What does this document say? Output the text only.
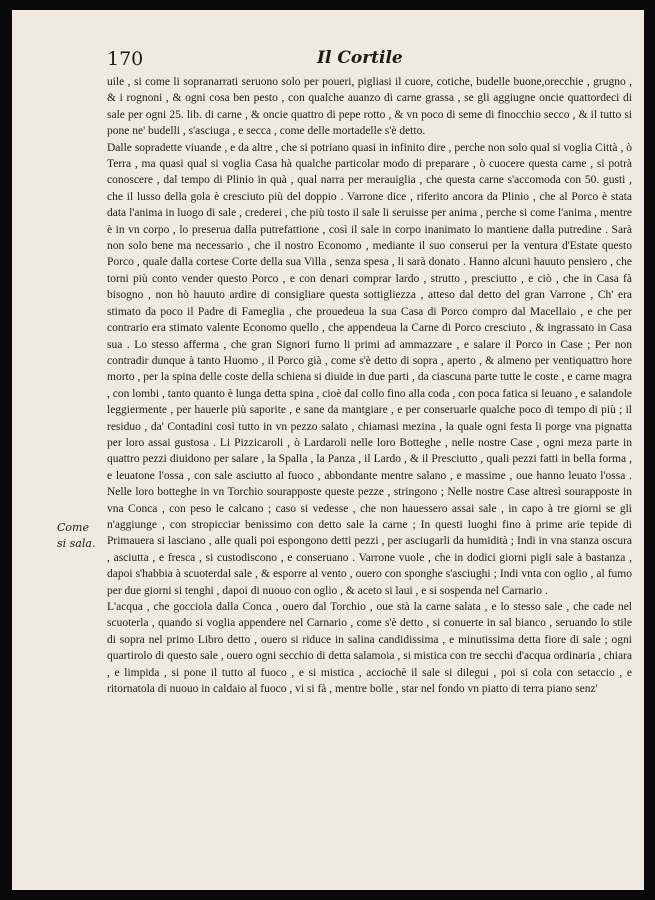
170	Il Cortile
Come si sala.

uile , si come li sopranarrati seruono solo per poueri, pigliasi il cuore, cotiche, budelle buone,orecchie , grugno , & i rognoni , & ogni cosa ben pesto , con qualche auanzo di carne grassa , se gli aggiugne oncie quattordeci di sale per ogni 25. lib. di carne , & oncie quattro di pepe rotto , & vn poco di seme di finocchio secco , & il tutto si pone ne' budelli , s'asciuga , e secca , come delle mortadelle s'è detto.

Dalle sopradette viuande , e da altre , che si potriano quasi in infinito dire , perche non solo qual si voglia Città , ò Terra , ma quasi qual si voglia Casa hà qualche particolar modo di preparare , ò cuocere questa carne , si potrà conoscere , dal tempo di Plinio in quà , qual narra per merauiglia , che questa carne s'accomoda con 50. gusti , che il lusso della gola è cresciuto più del doppio . Varrone dice , riferito ancora da Plinio , che al Porco è stata data l'anima in luogo di sale , crederei , che più tosto il sale li seruisse per anima , perche si come l'anima , mentre è in vn corpo , lo preserua dalla putrefattione , così il sale in corpo inanimato lo mantiene dalla putredine . Sarà non solo bene ma necessario , che il nostro Economo , mediante il suo conserui per la ventura d'Estate questo Porco , quale dalla cortese Corte della sua Villa , senza spesa , li sarà donato . Hanno alcuni hauuto pensiero , che torni più conto vender questo Porco , e con denari comprar lardo , strutto , presciutto , e ciò , che in Casa fà bisogno , non hò hauuto ardire di consigliare questa sottigliezza , atteso dal detto del gran Varrone , Ch' era stimato da poco il Padre di Fameglia , che prouedeua la sua Casa di Porco compro dal Macellaio , e che per contrario era stimato valente Economo quello , che appendeua la Carne di Porco cresciuto , & ingrassato in Casa sua . Lo stesso afferma , che gran Signori furno li primi ad ammazzare , e salare il Porco in Case ; Per non contradir dunque à tanto Huomo , il Porco già , come s'è detto di sopra , aperto , & almeno per ventiquattro hore morto , per la spina delle coste della schiena si diuide in due parti , da ciascuna parte tutte le coste , e carne magra , con lombi , tanto quanto è lunga detta spina , cioè dal collo fino alla coda , con poca fatica si leuano , e salandole leggiermente , per hauerle più saporite , e sane da mantgiare , e per conseruarle qualche poco di tempo di più ; il residuo , da' Contadini così tutto in vn pezzo salato , chiamasi mezina , la quale ogni festa li porge vna pignatta per loro assai gustosa . Li Pizzicaroli , ò Lardaroli nelle loro Botteghe , nelle nostre Case , ogni meza parte in quattro pezzi diuidono per salare , la Spalla , la Panza , il Lardo , & il Presciutto , quali pezzi fatti in bella forma , e leuatone l'ossa , con sale asciutto al fuoco , abbondante mentre salano , e massime , oue hanno leuato l'ossa . Nelle loro botteghe in vn Torchio sourapposte queste pezze , stringono ; Nelle nostre Case altresì sourapposte in vna Conca , con peso le calcano ; caso si vedesse , che non hauessero assai sale , in capo à tre giorni se gli n'aggiunge , con stropicciar benissimo con detto sale la carne ; In questi luoghi fino à prime arie tepide di Primauera si lasciano , alle quali poi espongono detti pezzi , per asciugarli da humidità ; Indi in vna stanza oscura , asciutta , e fresca , si custodiscono , e conseruano . Varrone vuole , che in dodici giorni pigli sale à bastanza , dapoi s'habbia à scuoterdal sale , & esporre al vento , ouero con sponghe s'asciughi ; Indi vnta con oglio , al fumo per due giorni si tenghi , dapoi di nuouo con oglio , & aceto si laui , e si sospenda nel Carnario .

L'acqua , che gocciola dalla Conca , ouero dal Torchio , oue stà la carne salata , e lo stesso sale , che cade nel scuoterla , quando si voglia appendere nel Carnario , come s'è detto , si conuerte in sal bianco , seruando lo stile di sopra nel primo Libro detto , ouero si riduce in salina candidissima , e minutissima detta fiore di sale ; ogni quartirolo di questo sale , ouero ogni secchio di detta salamoia , si mistica con tre secchi d'acqua ordinaria , chiara , e limpida , si pone il tutto al fuoco , e si mistica , acciochè il sale si dilegui , poi si cola con setaccio , e ritornatola di nuouo in caldaio al fuoco , vi si fà , mentre bolle , star nel fondo vn piatto di terra piano senz'
